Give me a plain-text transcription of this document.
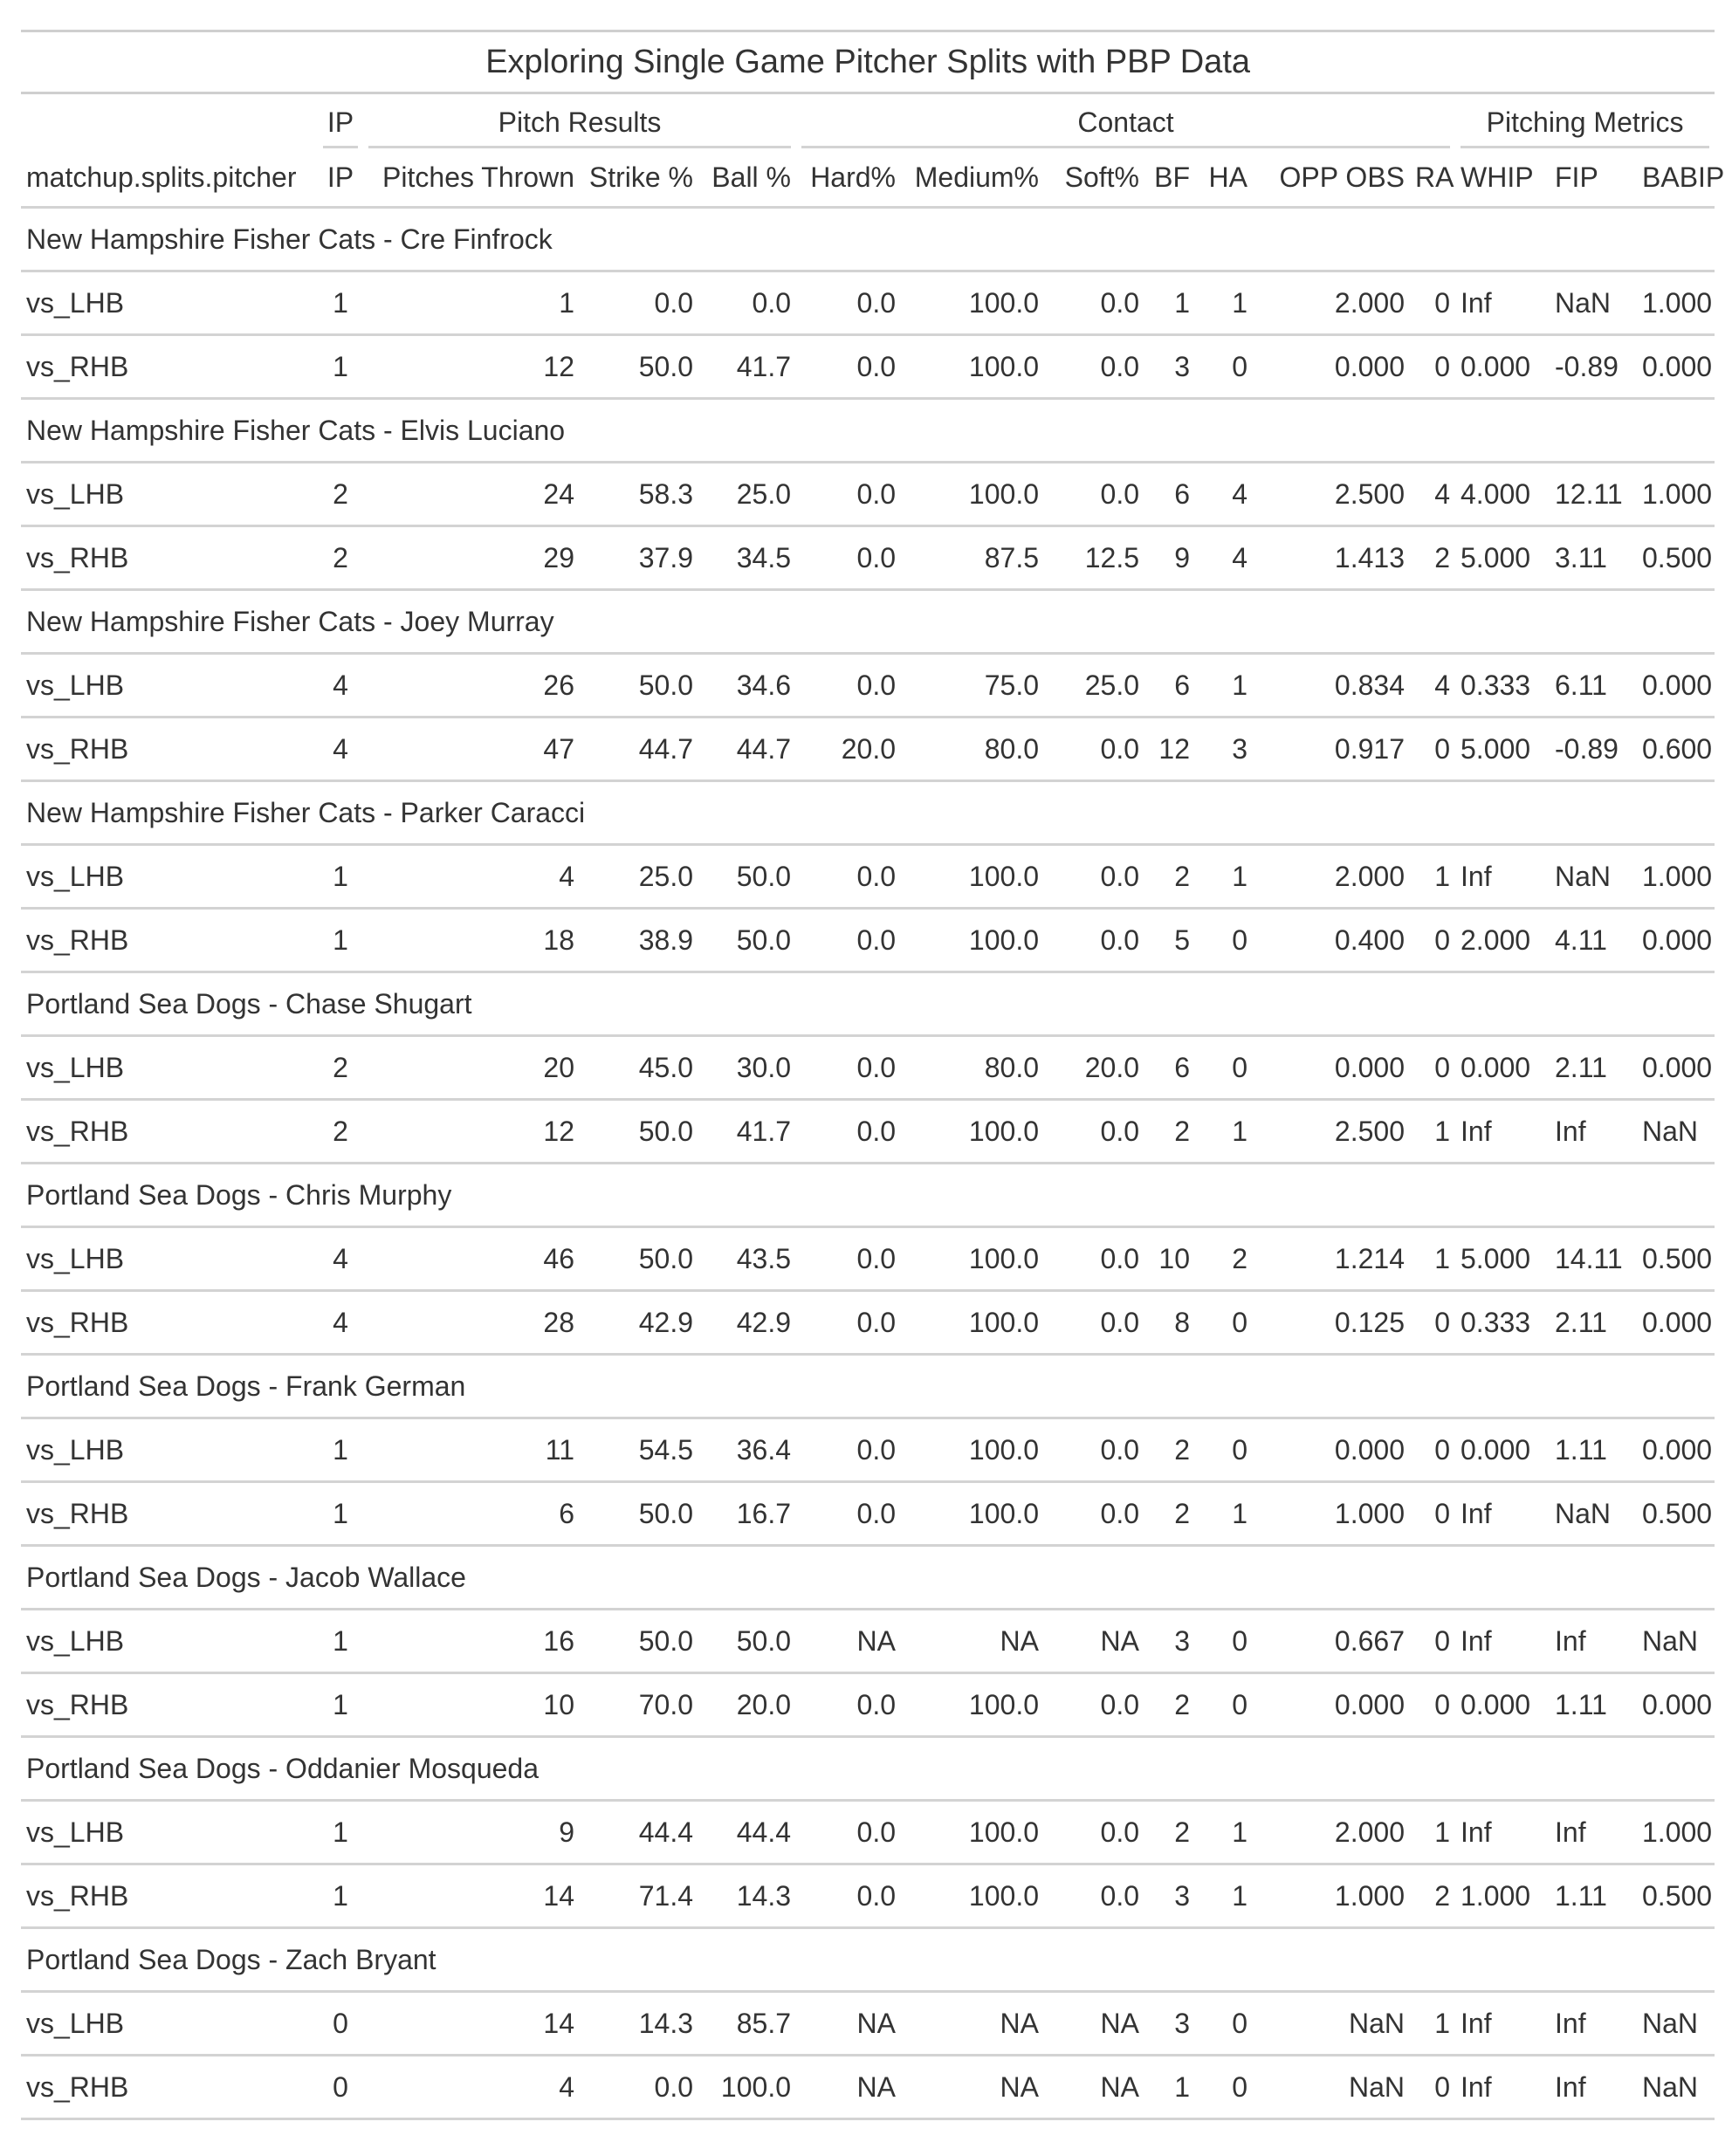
Exploring Single Game Pitcher Splits with PBP Data														

	IP	Pitch Results			Contact							Pitching Metrics		

matchup.splits.pitcher	IP	Pitches Thrown	Strike %	Ball %	Hard%	Medium%	Soft%	BF	HA	OPP OBS	RA	WHIP	FIP	BABIP
New Hampshire Fisher Cats - Cre Finfrock														
vs_LHB	1	1	0.0	0.0	0.0	100.0	0.0	1	1	2.000	0	Inf	NaN	1.000
vs_RHB	1	12	50.0	41.7	0.0	100.0	0.0	3	0	0.000	0	0.000	-0.89	0.000
New Hampshire Fisher Cats - Elvis Luciano														
vs_LHB	2	24	58.3	25.0	0.0	100.0	0.0	6	4	2.500	4	4.000	12.11	1.000
vs_RHB	2	29	37.9	34.5	0.0	87.5	12.5	9	4	1.413	2	5.000	3.11	0.500
New Hampshire Fisher Cats - Joey Murray														
vs_LHB	4	26	50.0	34.6	0.0	75.0	25.0	6	1	0.834	4	0.333	6.11	0.000
vs_RHB	4	47	44.7	44.7	20.0	80.0	0.0	12	3	0.917	0	5.000	-0.89	0.600
New Hampshire Fisher Cats - Parker Caracci														
vs_LHB	1	4	25.0	50.0	0.0	100.0	0.0	2	1	2.000	1	Inf	NaN	1.000
vs_RHB	1	18	38.9	50.0	0.0	100.0	0.0	5	0	0.400	0	2.000	4.11	0.000
Portland Sea Dogs - Chase Shugart														
vs_LHB	2	20	45.0	30.0	0.0	80.0	20.0	6	0	0.000	0	0.000	2.11	0.000
vs_RHB	2	12	50.0	41.7	0.0	100.0	0.0	2	1	2.500	1	Inf	Inf	NaN
Portland Sea Dogs - Chris Murphy														
vs_LHB	4	46	50.0	43.5	0.0	100.0	0.0	10	2	1.214	1	5.000	14.11	0.500
vs_RHB	4	28	42.9	42.9	0.0	100.0	0.0	8	0	0.125	0	0.333	2.11	0.000
Portland Sea Dogs - Frank German														
vs_LHB	1	11	54.5	36.4	0.0	100.0	0.0	2	0	0.000	0	0.000	1.11	0.000
vs_RHB	1	6	50.0	16.7	0.0	100.0	0.0	2	1	1.000	0	Inf	NaN	0.500
Portland Sea Dogs - Jacob Wallace														
vs_LHB	1	16	50.0	50.0	NA	NA	NA	3	0	0.667	0	Inf	Inf	NaN
vs_RHB	1	10	70.0	20.0	0.0	100.0	0.0	2	0	0.000	0	0.000	1.11	0.000
Portland Sea Dogs - Oddanier Mosqueda														
vs_LHB	1	9	44.4	44.4	0.0	100.0	0.0	2	1	2.000	1	Inf	Inf	1.000
vs_RHB	1	14	71.4	14.3	0.0	100.0	0.0	3	1	1.000	2	1.000	1.11	0.500
Portland Sea Dogs - Zach Bryant														
vs_LHB	0	14	14.3	85.7	NA	NA	NA	3	0	NaN	1	Inf	Inf	NaN
vs_RHB	0	4	0.0	100.0	NA	NA	NA	1	0	NaN	0	Inf	Inf	NaN
